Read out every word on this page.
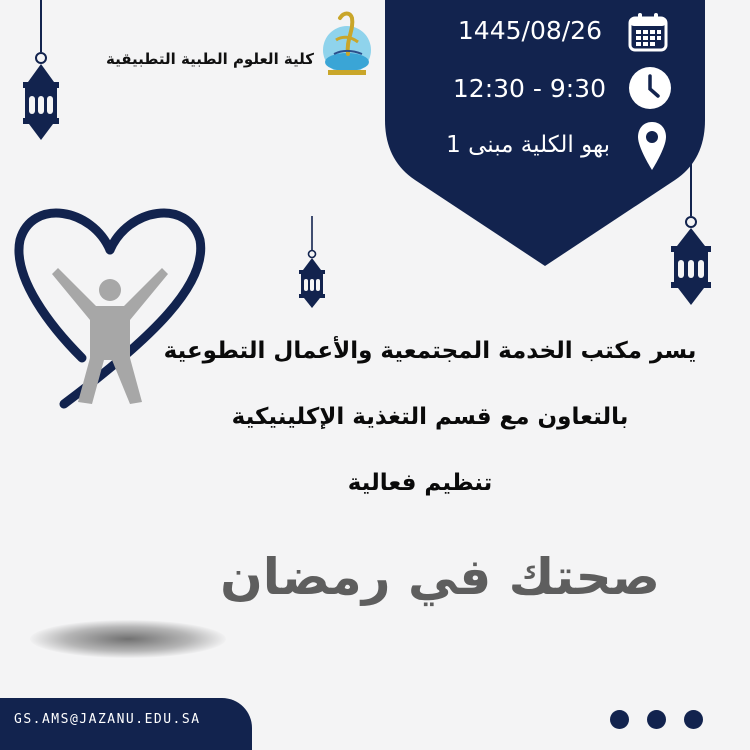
1445/08/26
12:30 - 9:30
بهو الكلية مبنى 1
كلية العلوم الطبية التطبيقية
يسر مكتب الخدمة المجتمعية والأعمال التطوعية
بالتعاون مع قسم التغذية الإكلينيكية
تنظيم فعالية
صحتك في رمضان
GS.AMS@JAZANU.EDU.SA
